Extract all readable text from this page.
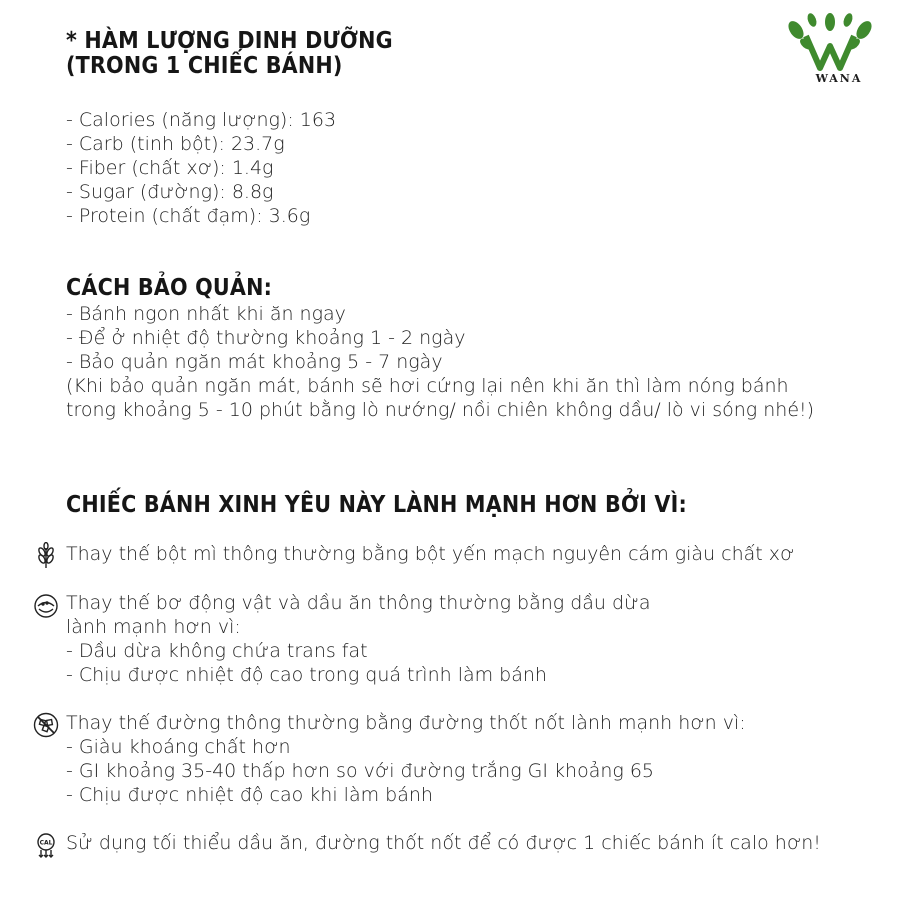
WANA
* HÀM LƯỢNG DINH DƯỠNG
(TRONG 1 CHIẾC BÁNH)
- Calories (năng lượng): 163
- Carb (tinh bột): 23.7g
- Fiber (chất xơ): 1.4g
- Sugar (đường): 8.8g
- Protein (chất đạm): 3.6g
CÁCH BẢO QUẢN:
- Bánh ngon nhất khi ăn ngay
- Để ở nhiệt độ thường khoảng 1 - 2 ngày
- Bảo quản ngăn mát khoảng 5 - 7 ngày
(Khi bảo quản ngăn mát, bánh sẽ hơi cứng lại nên khi ăn thì làm nóng bánh
trong khoảng 5 - 10 phút bằng lò nướng/ nồi chiên không dầu/ lò vi sóng nhé!)
CHIẾC BÁNH XINH YÊU NÀY LÀNH MẠNH HƠN BỞI VÌ:
Thay thế bột mì thông thường bằng bột yến mạch nguyên cám giàu chất xơ
Thay thế bơ động vật và dầu ăn thông thường bằng dầu dừa
lành mạnh hơn vì:
- Dầu dừa không chứa trans fat
- Chịu được nhiệt độ cao trong quá trình làm bánh
Thay thế đường thông thường bằng đường thốt nốt lành mạnh hơn vì:
- Giàu khoáng chất hơn
- GI khoảng 35-40 thấp hơn so với đường trắng GI khoảng 65
- Chịu được nhiệt độ cao khi làm bánh
CAL Sử dụng tối thiểu dầu ăn, đường thốt nốt để có được 1 chiếc bánh ít calo hơn!
